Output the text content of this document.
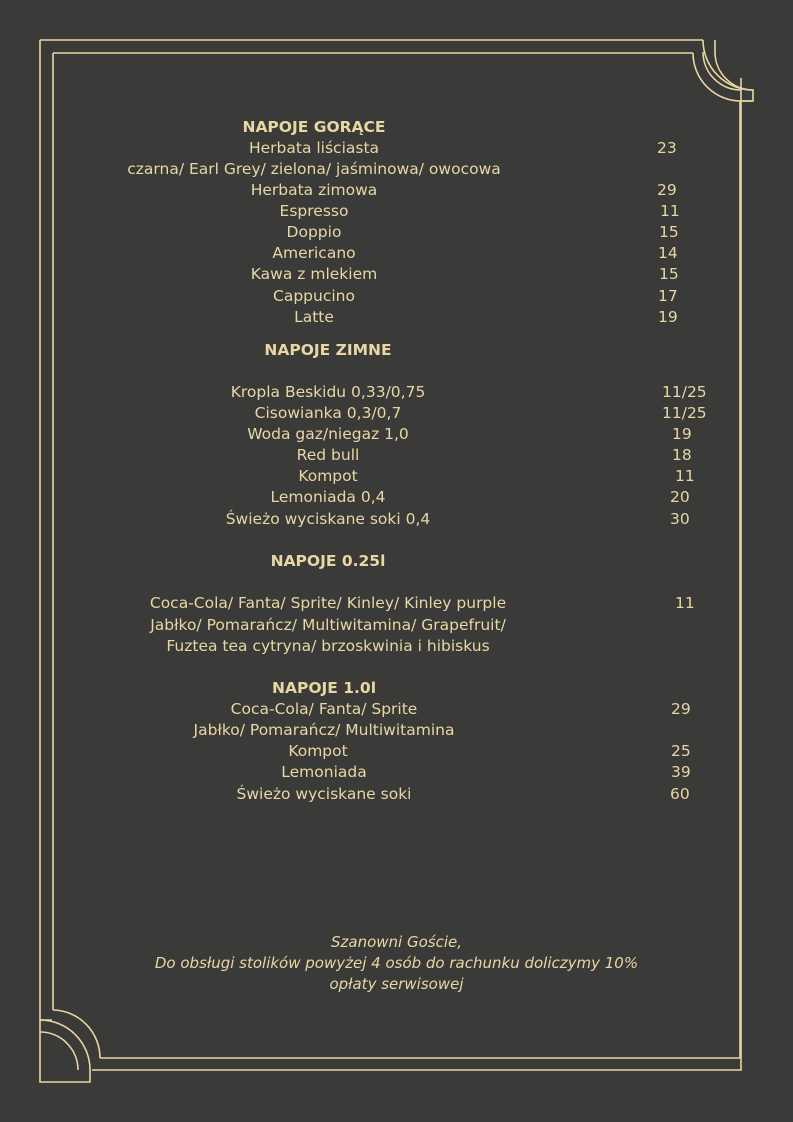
NAPOJE GORĄCE
Herbata liściasta	23
czarna/ Earl Grey/ zielona/ jaśminowa/ owocowa
Herbata zimowa	29
Espresso	11
Doppio	15
Americano	14
Kawa z mlekiem	15
Cappucino	17
Latte	19
NAPOJE ZIMNE
Kropla Beskidu 0,33/0,75	11/25
Cisowianka 0,3/0,7	11/25
Woda gaz/niegaz 1,0	19
Red bull	18
Kompot	11
Lemoniada 0,4	20
Świeżo wyciskane soki 0,4	30
NAPOJE 0.25l
Coca-Cola/ Fanta/ Sprite/ Kinley/ Kinley purple	11
Jabłko/ Pomarańcz/ Multiwitamina/ Grapefruit/
Fuztea tea cytryna/ brzoskwinia i hibiskus
NAPOJE 1.0l
Coca-Cola/ Fanta/ Sprite	29
Jabłko/ Pomarańcz/ Multiwitamina
Kompot	25
Lemoniada	39
Świeżo wyciskane soki	60
Szanowni Goście,
Do obsługi stolików powyżej 4 osób do rachunku doliczymy 10%
opłaty serwisowej
